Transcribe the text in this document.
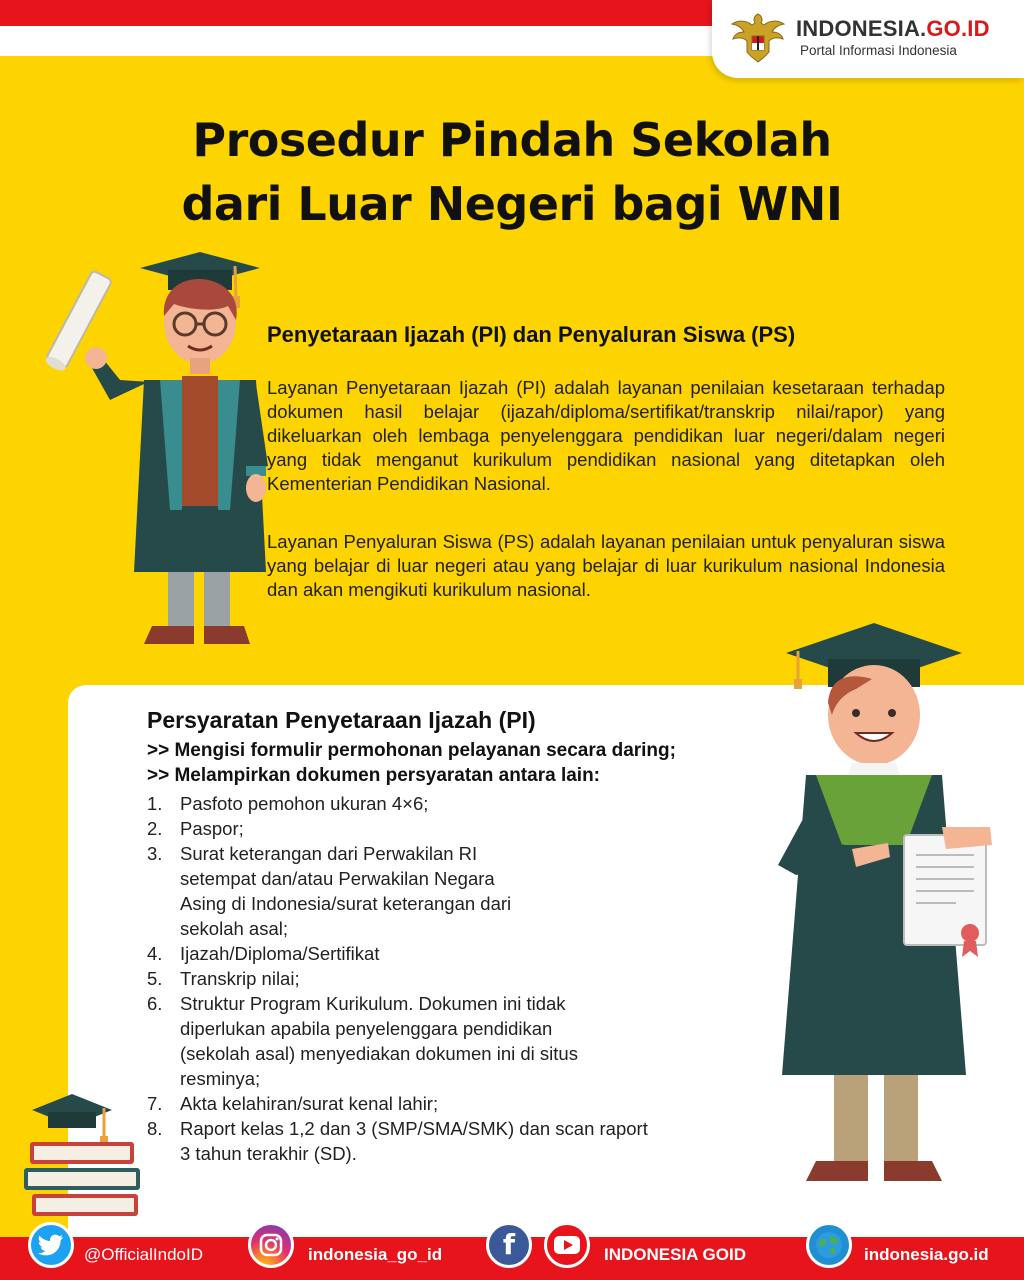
INDONESIA.GO.ID
Portal Informasi Indonesia
Prosedur Pindah Sekolah
dari Luar Negeri bagi WNI
Penyetaraan Ijazah (PI) dan Penyaluran Siswa (PS)
Layanan Penyetaraan Ijazah (PI) adalah layanan penilaian kesetaraan terhadap dokumen hasil belajar (ijazah/diploma/sertifikat/transkrip nilai/rapor) yang dikeluarkan oleh lembaga penyelenggara pendidikan luar negeri/dalam negeri yang tidak menganut kurikulum pendidikan nasional yang ditetapkan oleh Kementerian Pendidikan Nasional.
Layanan Penyaluran Siswa (PS) adalah layanan penilaian untuk penyaluran siswa yang belajar di luar negeri atau yang belajar di luar kurikulum nasional Indonesia dan akan mengikuti kurikulum nasional.
Persyaratan Penyetaraan Ijazah (PI)
>> Mengisi formulir permohonan pelayanan secara daring;
>> Melampirkan dokumen persyaratan antara lain:
1. Pasfoto pemohon ukuran 4×6;
2. Paspor;
3. Surat keterangan dari Perwakilan RI setempat dan/atau Perwakilan Negara Asing di Indonesia/surat keterangan dari sekolah asal;
4. Ijazah/Diploma/Sertifikat
5. Transkrip nilai;
6. Struktur Program Kurikulum. Dokumen ini tidak diperlukan apabila penyelenggara pendidikan (sekolah asal) menyediakan dokumen ini di situs resminya;
7. Akta kelahiran/surat kenal lahir;
8. Raport kelas 1,2 dan 3 (SMP/SMA/SMK) dan scan raport 3 tahun terakhir (SD).
@OfficialIndoID	indonesia_go_id f	INDONESIA GOID	indonesia.go.id
